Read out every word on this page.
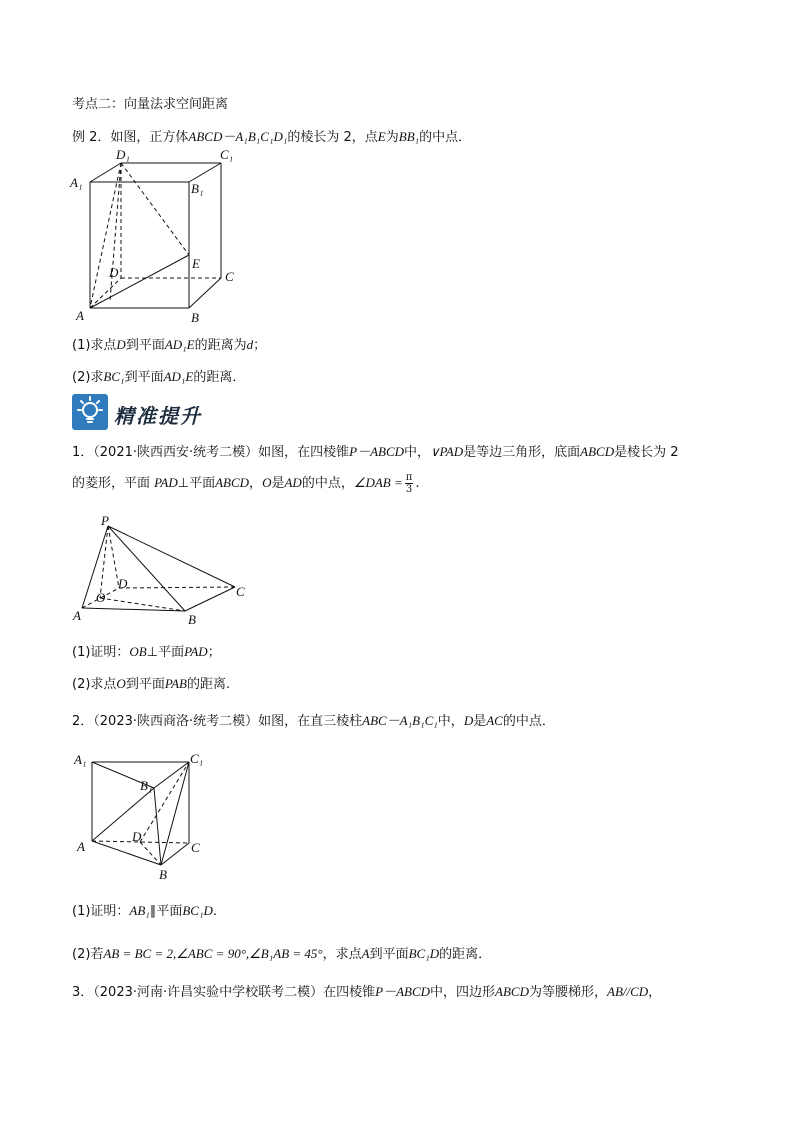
考点二：向量法求空间距离
例 2．如图，正方体ABCD－A₁B₁C₁D₁的棱长为 2，点E为BB₁的中点．
D₁	C₁
A₁	B₁
D
E
C
A	B
(1)求点D到平面AD₁E的距离为d；
(2)求BC₁到平面AD₁E的距离．
精准提升
1．（2021·陕西西安·统考二模）如图，在四棱锥P－ABCD中，∨PAD是等边三角形，底面ABCD是棱长为 2
的菱形，平面 PAD⊥平面ABCD，O是AD的中点，∠DAB = $\frac{\pi}{3}$ .
P
D
C
O
A	B
(1)证明：OB⊥平面PAD；
(2)求点O到平面PAB的距离.
2．（2023·陕西商洛·统考二模）如图，在直三棱柱ABC－A₁B₁C₁中，D是AC的中点．
A₁	C₁
B₁
D
A	C
B
(1)证明：AB₁∥平面BC₁D.
(2)若AB = BC = 2,∠ABC = 90°,∠B₁AB = 45°，求点A到平面BC₁D的距离．
3．（2023·河南·许昌实验中学校联考二模）在四棱锥P－ABCD中，四边形ABCD为等腰梯形，AB//CD，
